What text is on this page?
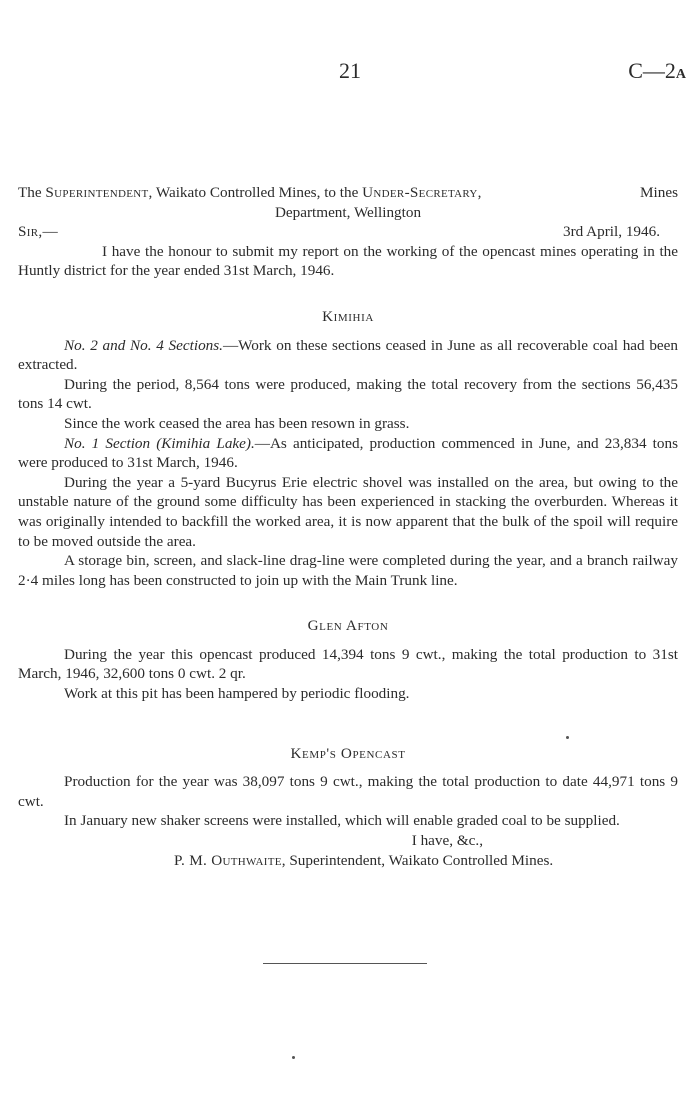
21	C—2A
The Superintendent, Waikato Controlled Mines, to the Under-Secretary,	Mines
Department, Wellington
Sir,—	3rd April, 1946.

I have the honour to submit my report on the working of the opencast mines operating in the Huntly district for the year ended 31st March, 1946.

Kimihia

No. 2 and No. 4 Sections.—Work on these sections ceased in June as all recoverable coal had been extracted.

During the period, 8,564 tons were produced, making the total recovery from the sections 56,435 tons 14 cwt.

Since the work ceased the area has been resown in grass.

No. 1 Section (Kimihia Lake).—As anticipated, production commenced in June, and 23,834 tons were produced to 31st March, 1946.

During the year a 5-yard Bucyrus Erie electric shovel was installed on the area, but owing to the unstable nature of the ground some difficulty has been experienced in stacking the overburden. Whereas it was originally intended to backfill the worked area, it is now apparent that the bulk of the spoil will require to be moved outside the area.

A storage bin, screen, and slack-line drag-line were completed during the year, and a branch railway 2·4 miles long has been constructed to join up with the Main Trunk line.

Glen Afton

During the year this opencast produced 14,394 tons 9 cwt., making the total production to 31st March, 1946, 32,600 tons 0 cwt. 2 qr.

Work at this pit has been hampered by periodic flooding.

Kemp's Opencast

Production for the year was 38,097 tons 9 cwt., making the total production to date 44,971 tons 9 cwt.

In January new shaker screens were installed, which will enable graded coal to be supplied.

I have, &c.,
P. M. Outhwaite, Superintendent, Waikato Controlled Mines.
